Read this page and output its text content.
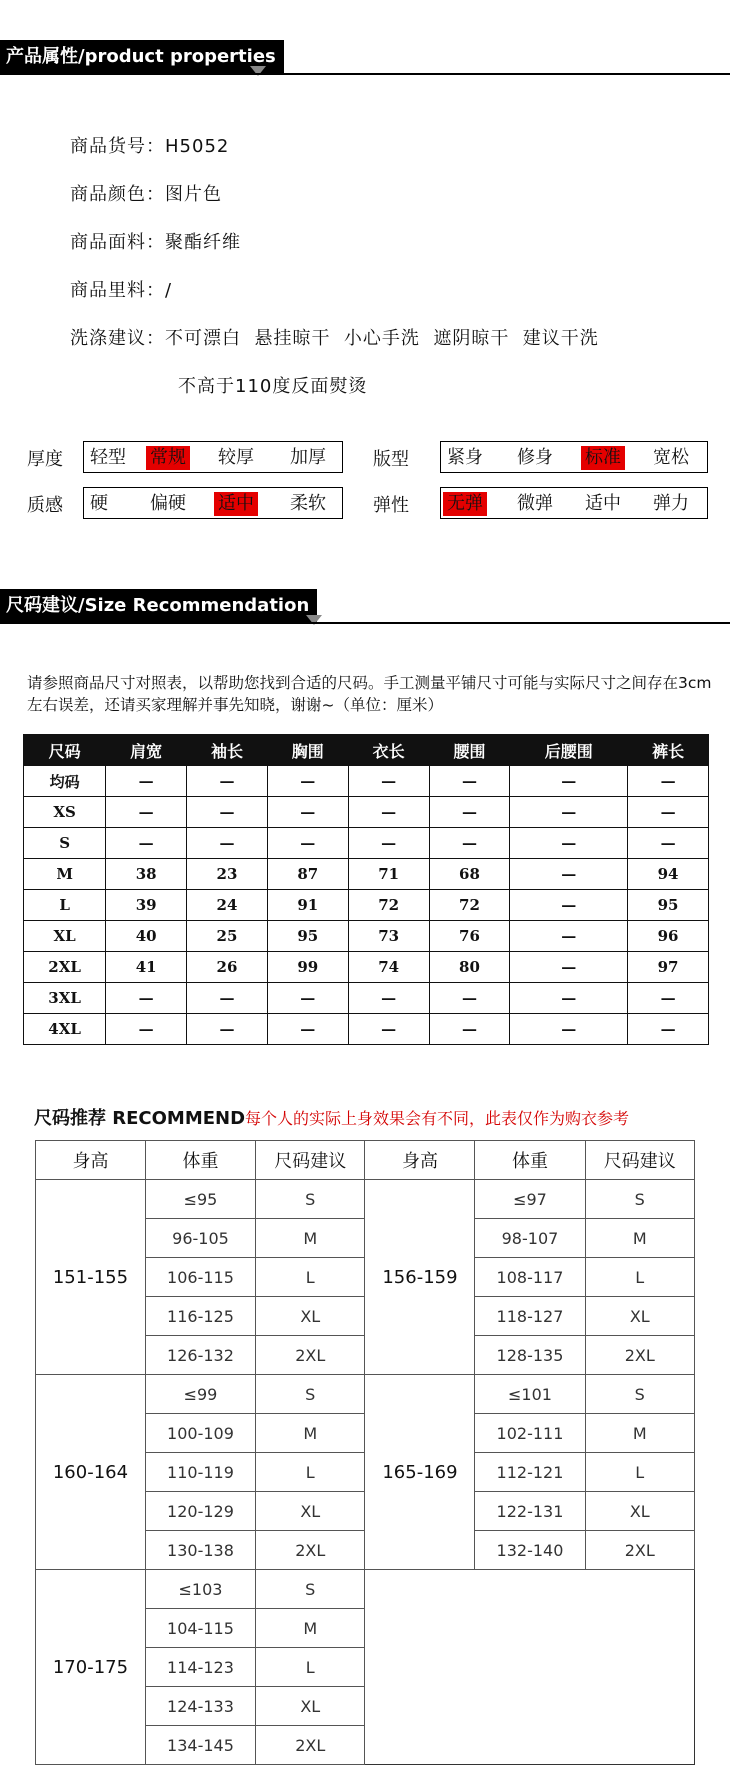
产品属性/product properties
商品货号：H5052
商品颜色：图片色
商品面料：聚酯纤维
商品里料：/
洗涤建议：不可漂白  悬挂晾干  小心手洗  遮阴晾干  建议干洗
不高于110度反面熨烫
厚度 轻型 常规 较厚 加厚	版型 紧身 修身 标准 宽松
质感 硬 偏硬 适中 柔软	弹性 无弹 微弹 适中 弹力
尺码建议/Size Recommendation
请参照商品尺寸对照表，以帮助您找到合适的尺码。手工测量平铺尺寸可能与实际尺寸之间存在3cm左右误差，还请买家理解并事先知晓，谢谢~（单位：厘米）
尺码	肩宽	袖长	胸围	衣长	腰围	后腰围	裤长
均码	—	—	—	—	—	—	—
XS	—	—	—	—	—	—	—
S	—	—	—	—	—	—	—
M	38	23	87	71	68	—	94
L	39	24	91	72	72	—	95
XL	40	25	95	73	76	—	96
2XL	41	26	99	74	80	—	97
3XL	—	—	—	—	—	—	—
4XL	—	—	—	—	—	—	—
尺码推荐 RECOMMEND 每个人的实际上身效果会有不同，此表仅作为购衣参考
身高	体重	尺码建议	身高	体重	尺码建议
151-155	≤95	S	156-159	≤97	S
	96-105	M		98-107	M
	106-115	L		108-117	L
	116-125	XL		118-127	XL
	126-132	2XL		128-135	2XL
160-164	≤99	S	165-169	≤101	S
	100-109	M		102-111	M
	110-119	L		112-121	L
	120-129	XL		122-131	XL
	130-138	2XL		132-140	2XL
170-175	≤103	S			
	104-115	M			
	114-123	L			
	124-133	XL			
	134-145	2XL			
